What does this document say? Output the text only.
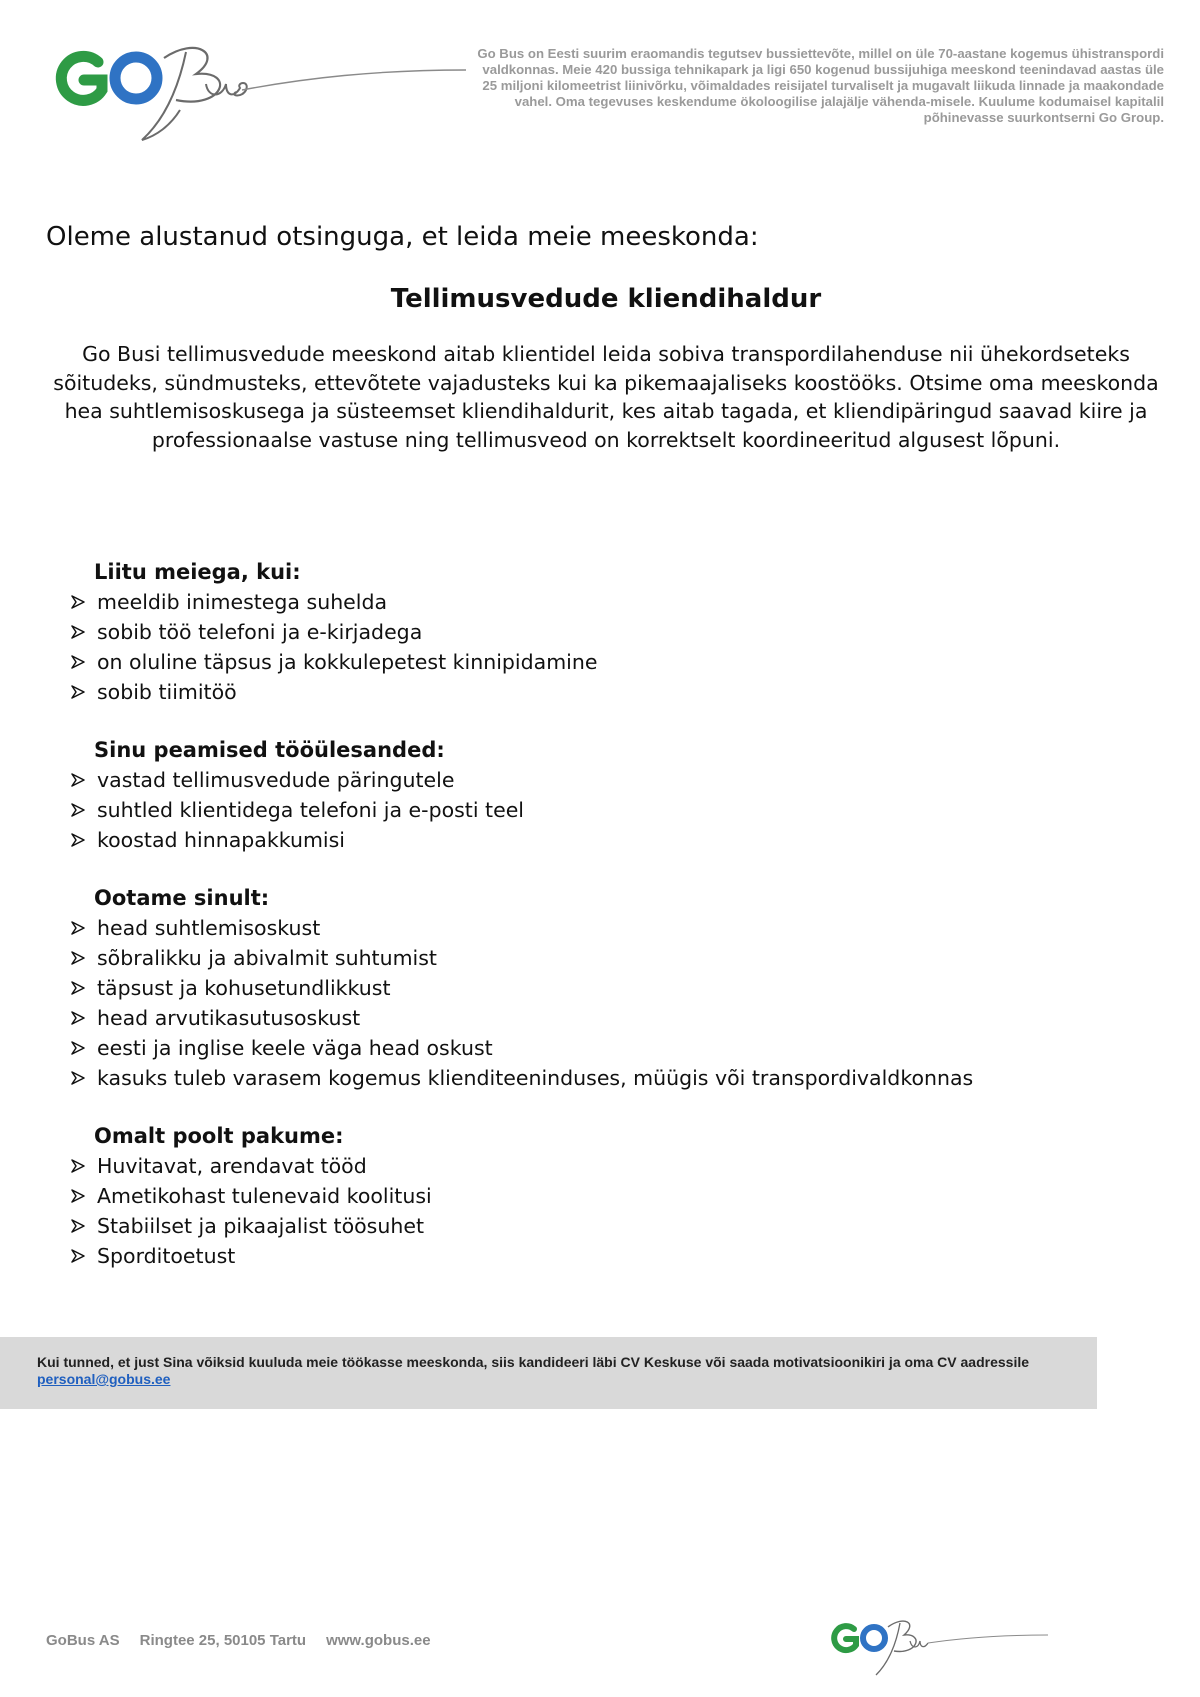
Go Bus on Eesti suurim eraomandis tegutsev bussiettevõte, millel on üle 70-aastane kogemus ühistranspordi valdkonnas. Meie 420 bussiga tehnikapark ja ligi 650 kogenud bussijuhiga meeskond teenindavad aastas üle 25 miljoni kilomeetrist liinivõrku, võimaldades reisijatel turvaliselt ja mugavalt liikuda linnade ja maakondade vahel. Oma tegevuses keskendume ökoloogilise jalajälje vähenda-misele. Kuulume kodumaisel kapitalil põhinevasse suurkontserni Go Group.
Oleme alustanud otsinguga, et leida meie meeskonda:
Tellimusvedude kliendihaldur
Go Busi tellimusvedude meeskond aitab klientidel leida sobiva transpordilahenduse nii ühekordseteks sõitudeks, sündmusteks, ettevõtete vajadusteks kui ka pikemaajaliseks koostööks. Otsime oma meeskonda hea suhtlemisoskusega ja süsteemset kliendihaldurit, kes aitab tagada, et kliendipäringud saavad kiire ja professionaalse vastuse ning tellimusveod on korrektselt koordineeritud algusest lõpuni.
Liitu meiega, kui:
meeldib inimestega suhelda
sobib töö telefoni ja e-kirjadega
on oluline täpsus ja kokkulepetest kinnipidamine
sobib tiimitöö
Sinu peamised tööülesanded:
vastad tellimusvedude päringutele
suhtled klientidega telefoni ja e-posti teel
koostad hinnapakkumisi
Ootame sinult:
head suhtlemisoskust
sõbralikku ja abivalmit suhtumist
täpsust ja kohusetundlikkust
head arvutikasutusoskust
eesti ja inglise keele väga head oskust
kasuks tuleb varasem kogemus klienditeeninduses, müügis või transpordivaldkonnas
Omalt poolt pakume:
Huvitavat, arendavat tööd
Ametikohast tulenevaid koolitusi
Stabiilset ja pikaajalist töösuhet
Sporditoetust
Kui tunned, et just Sina võiksid kuuluda meie töökasse meeskonda, siis kandideeri läbi CV Keskuse või saada motivatsioonikiri ja oma CV aadressile personal@gobus.ee
GoBus AS Ringtee 25, 50105 Tartu www.gobus.ee
